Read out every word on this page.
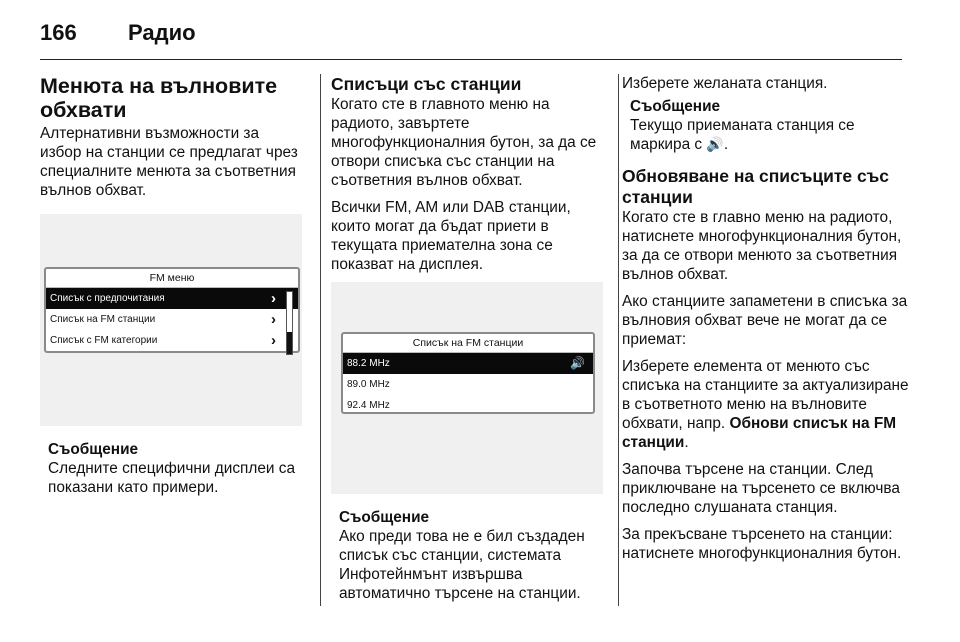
166 Радио
Менюта на вълновите обхвати

Алтернативни възможности за избор на станции се предлагат чрез специалните менюта за съответния вълнов обхват.

FM меню
Списък с предпочитания	›
Списък на FM станции	›
Списък с FM категории	›
Съобщение
Следните специфични дисплеи са показани като примери.
Списъци със станции

Когато сте в главното меню на радиото, завъртете многофункционалния бутон, за да се отвори списъка със станции на съответния вълнов обхват.

Всички FM, AM или DAB станции, които могат да бъдат приети в текущата приемателна зона се показват на дисплея.

Списък на FM станции
88.2 MHz	🔊
89.0 MHz
92.4 MHz
Съобщение
Ако преди това не е бил създаден списък със станции, системата Инфотейнмънт извършва автоматично търсене на станции.

Изберете желаната станция.

Съобщение
Текущо приеманата станция се маркира с 🔊.
Обновяване на списъците със станции

Когато сте в главно меню на радиото, натиснете многофункционалния бутон, за да се отвори менюто за съответния вълнов обхват.

Ако станциите запаметени в списъка за вълновия обхват вече не могат да се приемат:

Изберете елемента от менюто със списъка на станциите за актуализиране в съответното меню на вълновите обхвати, напр. Обнови списък на FM станции.

Започва търсене на станции. След приключване на търсенето се включва последно слушаната станция.

За прекъсване търсенето на станции: натиснете многофункционалния бутон.
